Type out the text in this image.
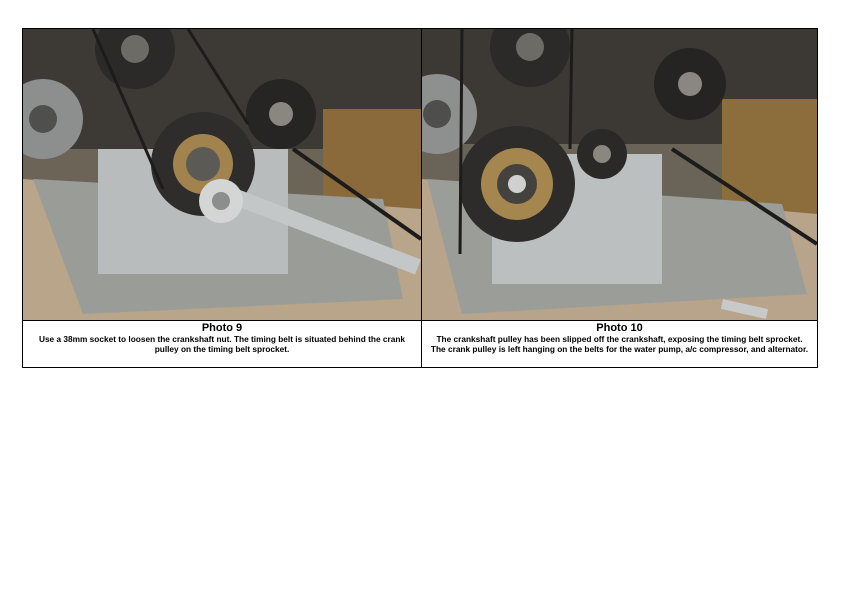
Photo 9

Use a 38mm socket to loosen the crankshaft nut. The timing belt is situated behind the crank pulley on the timing belt sprocket.

Photo 10

The crankshaft pulley has been slipped off the crankshaft, exposing the timing belt sprocket. The crank pulley is left hanging on the belts for the water pump, a/c compressor, and alternator.
